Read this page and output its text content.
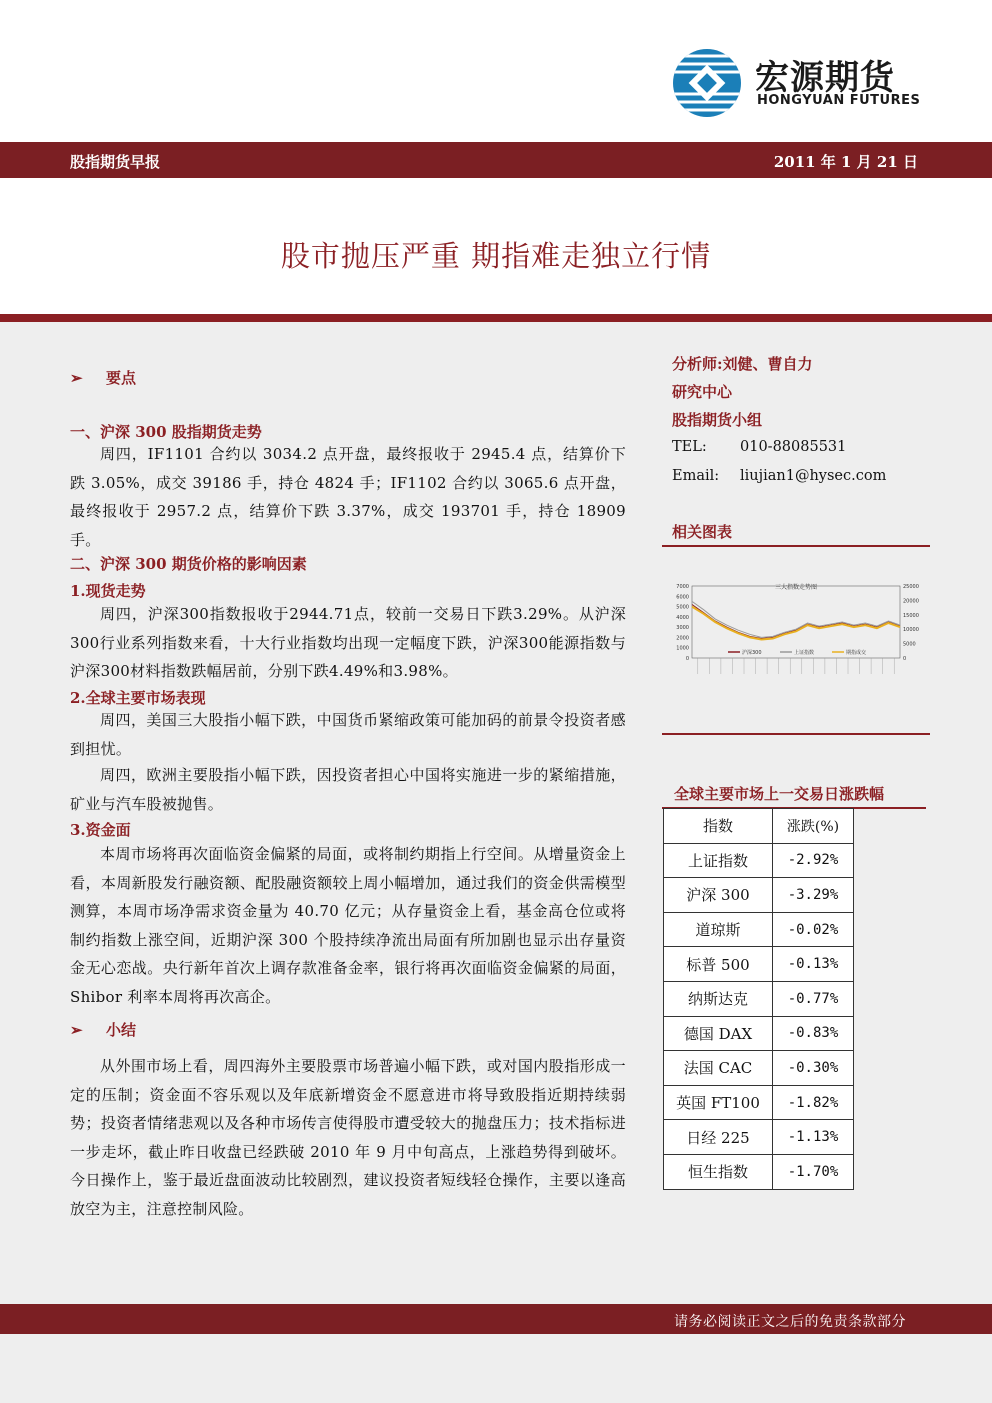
宏源期货
HONGYUAN FUTURES
股指期货早报	2011 年 1 月 21 日
股市抛压严重 期指难走独立行情
➢ 要点
一、沪深 300 股指期货走势

周四，IF1101 合约以 3034.2 点开盘，最终报收于 2945.4 点，结算价下跌 3.05%，成交 39186 手，持仓 4824 手；IF1102 合约以 3065.6 点开盘，最终报收于 2957.2 点，结算价下跌 3.37%，成交 193701 手，持仓 18909 手。

二、沪深 300 期货价格的影响因素
1.现货走势

周四，沪深300指数报收于2944.71点，较前一交易日下跌3.29%。从沪深300行业系列指数来看，十大行业指数均出现一定幅度下跌，沪深300能源指数与沪深300材料指数跌幅居前，分别下跌4.49%和3.98%。

2.全球主要市场表现

周四，美国三大股指小幅下跌，中国货币紧缩政策可能加码的前景令投资者感到担忧。

周四，欧洲主要股指小幅下跌，因投资者担心中国将实施进一步的紧缩措施，矿业与汽车股被抛售。

3.资金面

本周市场将再次面临资金偏紧的局面，或将制约期指上行空间。从增量资金上看，本周新股发行融资额、配股融资额较上周小幅增加，通过我们的资金供需模型测算，本周市场净需求资金量为 40.70 亿元；从存量资金上看，基金高仓位或将制约指数上涨空间，近期沪深 300 个股持续净流出局面有所加剧也显示出存量资金无心恋战。央行新年首次上调存款准备金率，银行将再次面临资金偏紧的局面，Shibor 利率本周将再次高企。

➢ 小结

从外围市场上看，周四海外主要股票市场普遍小幅下跌，或对国内股指形成一定的压制；资金面不容乐观以及年底新增资金不愿意进市将导致股指近期持续弱势；投资者情绪悲观以及各种市场传言使得股市遭受较大的抛盘压力；技术指标进一步走坏，截止昨日收盘已经跌破 2010 年 9 月中旬高点，上涨趋势得到破坏。今日操作上，鉴于最近盘面波动比较剧烈，建议投资者短线轻仓操作，主要以逢高放空为主，注意控制风险。

分析师:刘健、曹自力
研究中心
股指期货小组
TEL: 010-88085531
Email: liujian1@hysec.com
相关图表
三大指数走势图
0
1000
2000
3000
4000
5000
6000
7000
0
5000
10000
15000
20000
25000
沪深300	上证指数	期指成交
全球主要市场上一交易日涨跌幅
指数	涨跌(%)
上证指数	-2.92%
沪深 300	-3.29%
道琼斯	-0.02%
标普 500	-0.13%
纳斯达克	-0.77%
德国 DAX	-0.83%
法国 CAC	-0.30%
英国 FT100	-1.82%
日经 225	-1.13%
恒生指数	-1.70%
请务必阅读正文之后的免责条款部分
